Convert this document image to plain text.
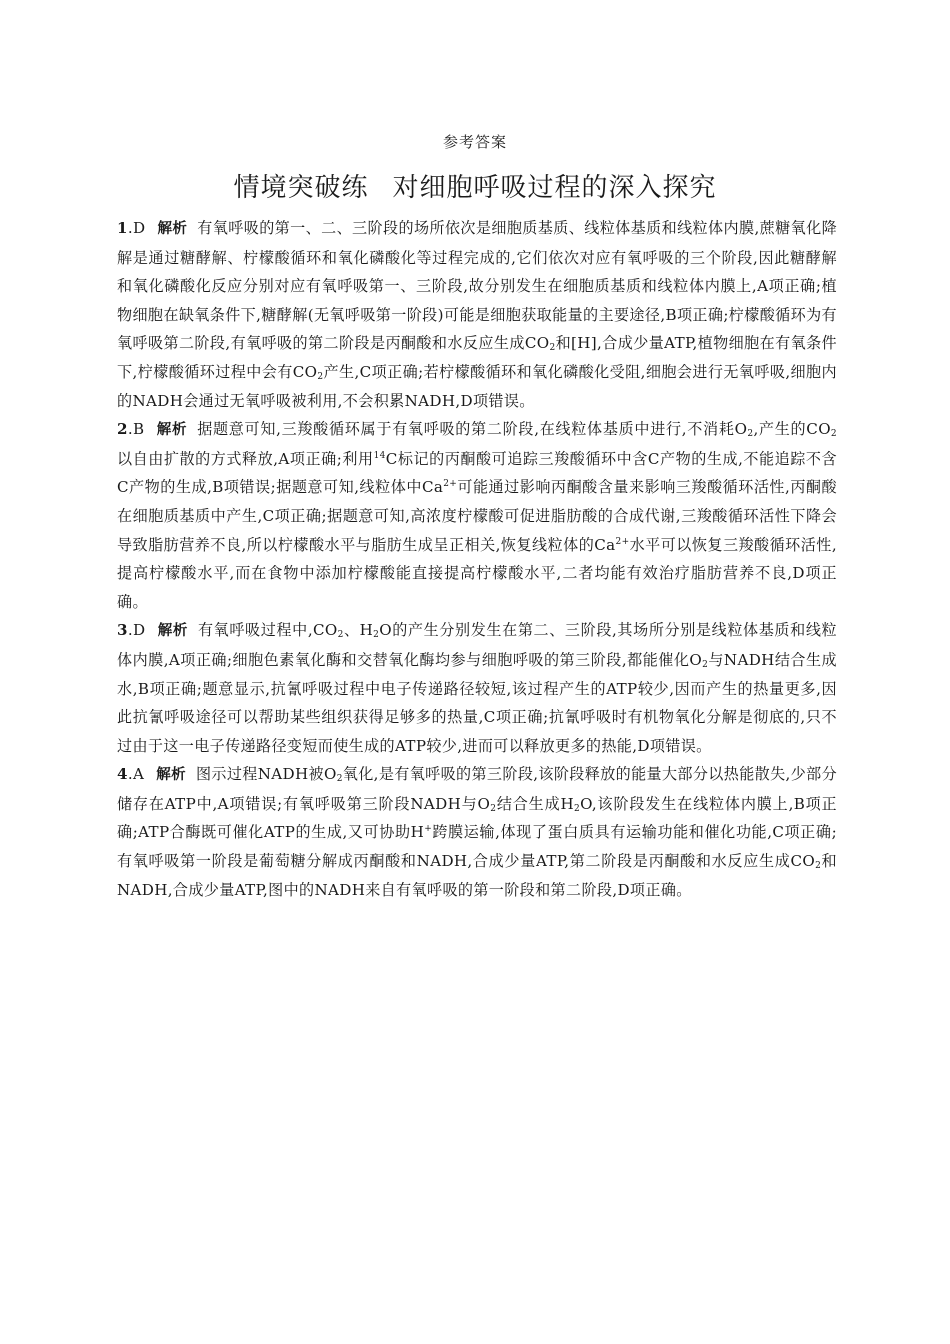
参考答案
情境突破练 对细胞呼吸过程的深入探究

1.D 解析 有氧呼吸的第一、二、三阶段的场所依次是细胞质基质、线粒体基质和线粒体内膜,蔗糖氧化降解是通过糖酵解、柠檬酸循环和氧化磷酸化等过程完成的,它们依次对应有氧呼吸的三个阶段,因此糖酵解和氧化磷酸化反应分别对应有氧呼吸第一、三阶段,故分别发生在细胞质基质和线粒体内膜上,A项正确;植物细胞在缺氧条件下,糖酵解(无氧呼吸第一阶段)可能是细胞获取能量的主要途径,B项正确;柠檬酸循环为有氧呼吸第二阶段,有氧呼吸的第二阶段是丙酮酸和水反应生成$CO_2$和[H],合成少量ATP,植物细胞在有氧条件下,柠檬酸循环过程中会有$CO_2$产生,C项正确;若柠檬酸循环和氧化磷酸化受阻,细胞会进行无氧呼吸,细胞内的NADH会通过无氧呼吸被利用,不会积累NADH,D项错误。

2.B 解析 据题意可知,三羧酸循环属于有氧呼吸的第二阶段,在线粒体基质中进行,不消耗$O_2$,产生的$CO_2$以自由扩散的方式释放,A项正确;利用$^{14}$C标记的丙酮酸可追踪三羧酸循环中含C产物的生成,不能追踪不含C产物的生成,B项错误;据题意可知,线粒体中$Ca^{2+}$可能通过影响丙酮酸含量来影响三羧酸循环活性,丙酮酸在细胞质基质中产生,C项正确;据题意可知,高浓度柠檬酸可促进脂肪酸的合成代谢,三羧酸循环活性下降会导致脂肪营养不良,所以柠檬酸水平与脂肪生成呈正相关,恢复线粒体的$Ca^{2+}$水平可以恢复三羧酸循环活性,提高柠檬酸水平,而在食物中添加柠檬酸能直接提高柠檬酸水平,二者均能有效治疗脂肪营养不良,D项正确。

3.D 解析 有氧呼吸过程中$,CO_2$、$H_2O$的产生分别发生在第二、三阶段,其场所分别是线粒体基质和线粒体内膜,A项正确;细胞色素氧化酶和交替氧化酶均参与细胞呼吸的第三阶段,都能催化$O_2$与NADH结合生成水,B项正确;题意显示,抗氰呼吸过程中电子传递路径较短,该过程产生的ATP较少,因而产生的热量更多,因此抗氰呼吸途径可以帮助某些组织获得足够多的热量,C项正确;抗氰呼吸时有机物氧化分解是彻底的,只不过由于这一电子传递路径变短而使生成的ATP较少,进而可以释放更多的热能,D项错误。

4.A 解析 图示过程NADH被$O_2$氧化,是有氧呼吸的第三阶段,该阶段释放的能量大部分以热能散失,少部分储存在ATP中,A项错误;有氧呼吸第三阶段NADH与$O_2$结合生成$H_2O$,该阶段发生在线粒体内膜上,B项正确;ATP合酶既可催化ATP的生成,又可协助H+跨膜运输,体现了蛋白质具有运输功能和催化功能,C项正确;有氧呼吸第一阶段是葡萄糖分解成丙酮酸和NADH,合成少量ATP,第二阶段是丙酮酸和水反应生成$CO_2$和NADH,合成少量ATP,图中的NADH来自有氧呼吸的第一阶段和第二阶段,D项正确。
